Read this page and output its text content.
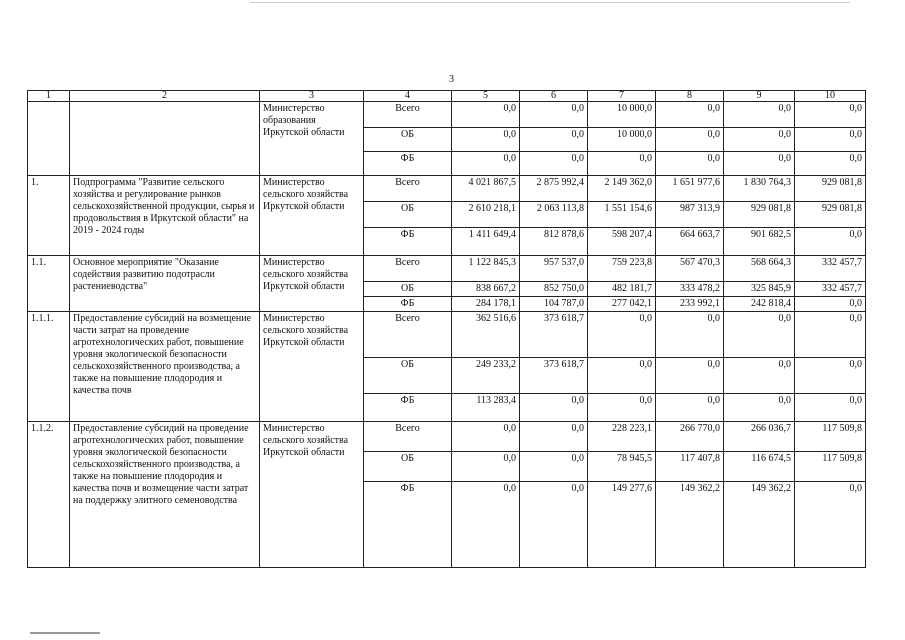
3
1	2	3	4	5	6	7	8	9	10
		Министерство образования Иркутской области	Всего	0,0	0,0	10 000,0	0,0	0,0	0,0
			ОБ	0,0	0,0	10 000,0	0,0	0,0	0,0
			ФБ	0,0	0,0	0,0	0,0	0,0	0,0
1.	Подпрограмма "Развитие сельского хозяйства и регулирование рынков сельскохозяйственной продукции, сырья и продовольствия в Иркутской области" на 2019 - 2024 годы	Министерство сельского хозяйства Иркутской области	Всего	4 021 867,5	2 875 992,4	2 149 362,0	1 651 977,6	1 830 764,3	929 081,8
			ОБ	2 610 218,1	2 063 113,8	1 551 154,6	987 313,9	929 081,8	929 081,8
			ФБ	1 411 649,4	812 878,6	598 207,4	664 663,7	901 682,5	0,0
1.1.	Основное мероприятие "Оказание содействия развитию подотрасли растениеводства"	Министерство сельского хозяйства Иркутской области	Всего	1 122 845,3	957 537,0	759 223,8	567 470,3	568 664,3	332 457,7
			ОБ	838 667,2	852 750,0	482 181,7	333 478,2	325 845,9	332 457,7
			ФБ	284 178,1	104 787,0	277 042,1	233 992,1	242 818,4	0,0
1.1.1.	Предоставление субсидий на возмещение части затрат на проведение агротехнологических работ, повышение уровня экологической безопасности сельскохозяйственного производства, а также на повышение плодородия и качества почв	Министерство сельского хозяйства Иркутской области	Всего	362 516,6	373 618,7	0,0	0,0	0,0	0,0
			ОБ	249 233,2	373 618,7	0,0	0,0	0,0	0,0
			ФБ	113 283,4	0,0	0,0	0,0	0,0	0,0
1.1.2.	Предоставление субсидий на проведение агротехнологических работ, повышение уровня экологической безопасности сельскохозяйственного производства, а также на повышение плодородия и качества почв и возмещение части затрат на поддержку элитного семеноводства	Министерство сельского хозяйства Иркутской области	Всего	0,0	0,0	228 223,1	266 770,0	266 036,7	117 509,8
			ОБ	0,0	0,0	78 945,5	117 407,8	116 674,5	117 509,8
			ФБ	0,0	0,0	149 277,6	149 362,2	149 362,2	0,0
